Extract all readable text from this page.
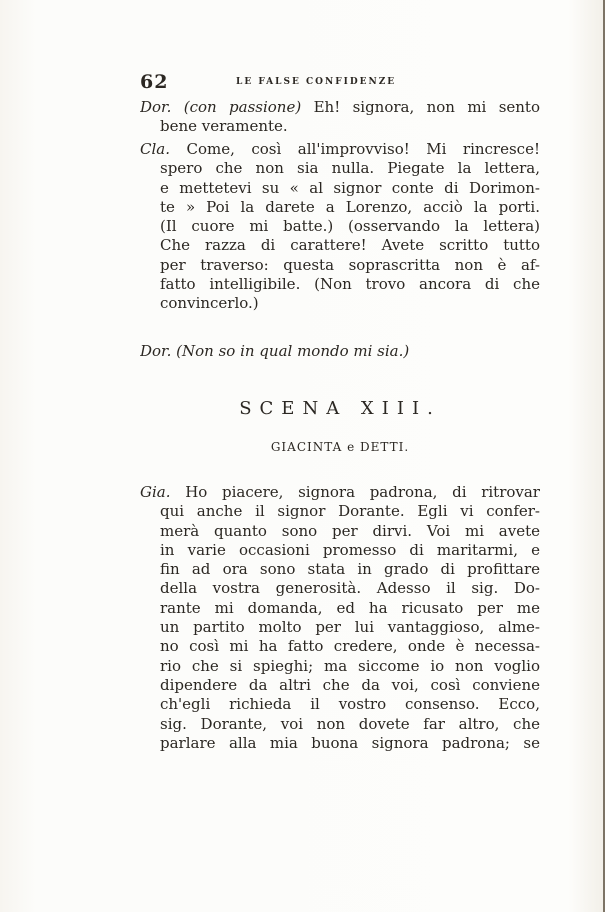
62	LE FALSE CONFIDENZE
Dor. (con passione) Eh! signora, non mi sento
bene veramente.
Cla. Come, così all'improvviso! Mi rincresce!
spero che non sia nulla. Piegate la lettera,
e mettetevi su « al signor conte di Dorimon-
te » Poi la darete a Lorenzo, acciò la porti.
(Il cuore mi batte.) (osservando la lettera)
Che razza di carattere! Avete scritto tutto
per traverso: questa soprascritta non è af-
fatto intelligibile. (Non trovo ancora di che
convincerlo.)
Dor. (Non so in qual mondo mi sia.)
SCENA XIII.
GIACINTA e DETTI.
Gia. Ho piacere, signora padrona, di ritrovar
qui anche il signor Dorante. Egli vi confer-
merà quanto sono per dirvi. Voi mi avete
in varie occasioni promesso di maritarmi, e
fin ad ora sono stata in grado di profittare
della vostra generosità. Adesso il sig. Do-
rante mi domanda, ed ha ricusato per me
un partito molto per lui vantaggioso, alme-
no così mi ha fatto credere, onde è necessa-
rio che si spieghi; ma siccome io non voglio
dipendere da altri che da voi, così conviene
ch'egli richieda il vostro consenso. Ecco,
sig. Dorante, voi non dovete far altro, che
parlare alla mia buona signora padrona; se
